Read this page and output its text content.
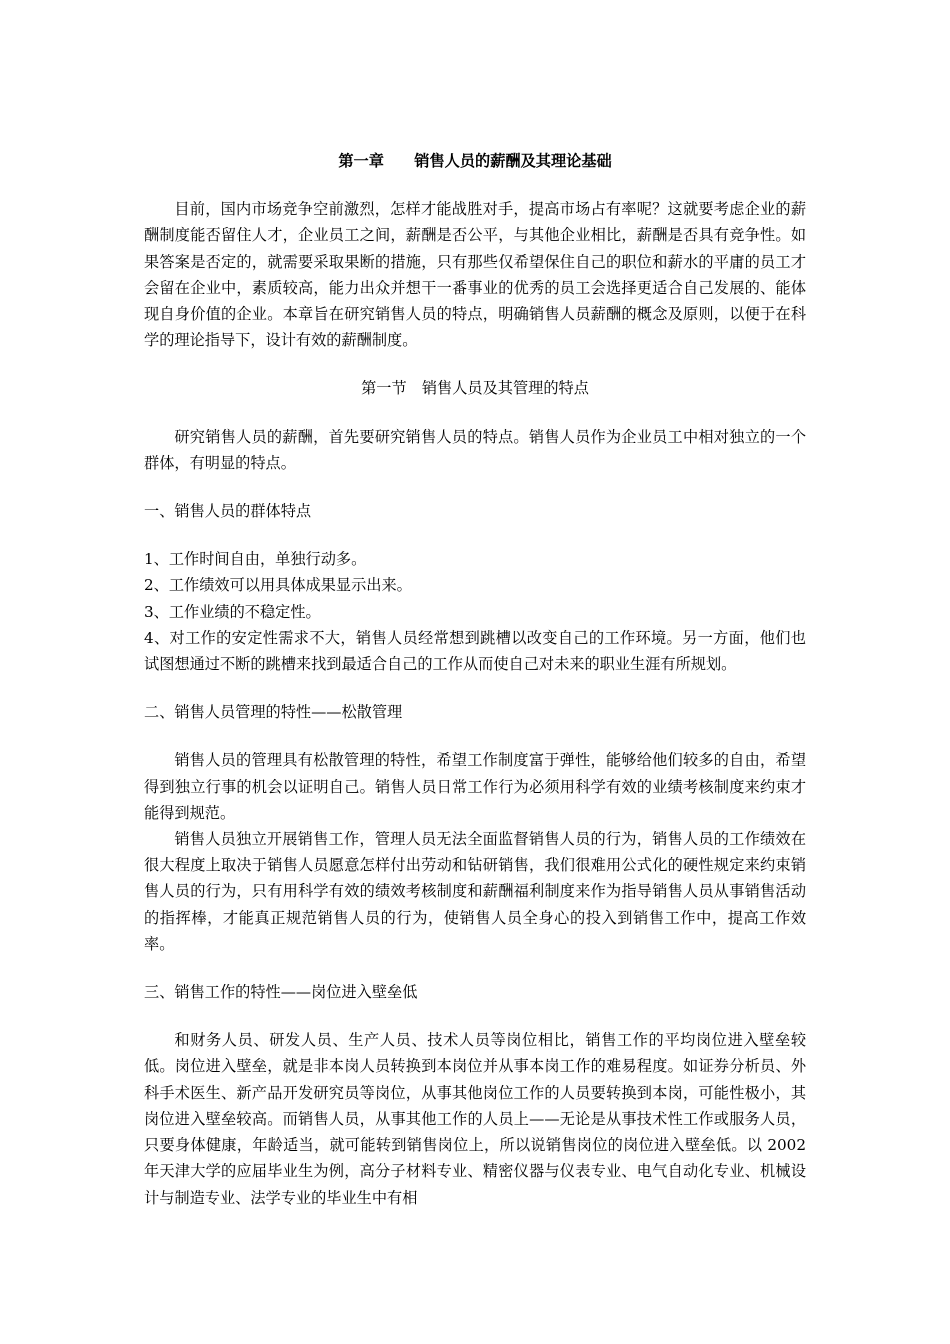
第一章　　销售人员的薪酬及其理论基础

目前，国内市场竞争空前激烈，怎样才能战胜对手，提高市场占有率呢？这就要考虑企业的薪酬制度能否留住人才，企业员工之间，薪酬是否公平，与其他企业相比，薪酬是否具有竞争性。如果答案是否定的，就需要采取果断的措施，只有那些仅希望保住自己的职位和薪水的平庸的员工才会留在企业中，素质较高，能力出众并想干一番事业的优秀的员工会选择更适合自己发展的、能体现自身价值的企业。本章旨在研究销售人员的特点，明确销售人员薪酬的概念及原则，以便于在科学的理论指导下，设计有效的薪酬制度。

第一节　销售人员及其管理的特点

研究销售人员的薪酬，首先要研究销售人员的特点。销售人员作为企业员工中相对独立的一个群体，有明显的特点。

一、销售人员的群体特点

1、工作时间自由，单独行动多。

2、工作绩效可以用具体成果显示出来。

3、工作业绩的不稳定性。

4、对工作的安定性需求不大，销售人员经常想到跳槽以改变自己的工作环境。另一方面，他们也试图想通过不断的跳槽来找到最适合自己的工作从而使自己对未来的职业生涯有所规划。

二、销售人员管理的特性——松散管理

销售人员的管理具有松散管理的特性，希望工作制度富于弹性，能够给他们较多的自由，希望得到独立行事的机会以证明自己。销售人员日常工作行为必须用科学有效的业绩考核制度来约束才能得到规范。

销售人员独立开展销售工作，管理人员无法全面监督销售人员的行为，销售人员的工作绩效在很大程度上取决于销售人员愿意怎样付出劳动和钻研销售，我们很难用公式化的硬性规定来约束销售人员的行为，只有用科学有效的绩效考核制度和薪酬福利制度来作为指导销售人员从事销售活动的指挥棒，才能真正规范销售人员的行为，使销售人员全身心的投入到销售工作中，提高工作效率。

三、销售工作的特性——岗位进入壁垒低

和财务人员、研发人员、生产人员、技术人员等岗位相比，销售工作的平均岗位进入壁垒较低。岗位进入壁垒，就是非本岗人员转换到本岗位并从事本岗工作的难易程度。如证券分析员、外科手术医生、新产品开发研究员等岗位，从事其他岗位工作的人员要转换到本岗，可能性极小，其岗位进入壁垒较高。而销售人员，从事其他工作的人员上——无论是从事技术性工作或服务人员，只要身体健康，年龄适当，就可能转到销售岗位上，所以说销售岗位的岗位进入壁垒低。以 2002 年天津大学的应届毕业生为例，高分子材料专业、精密仪器与仪表专业、电气自动化专业、机械设计与制造专业、法学专业的毕业生中有相
